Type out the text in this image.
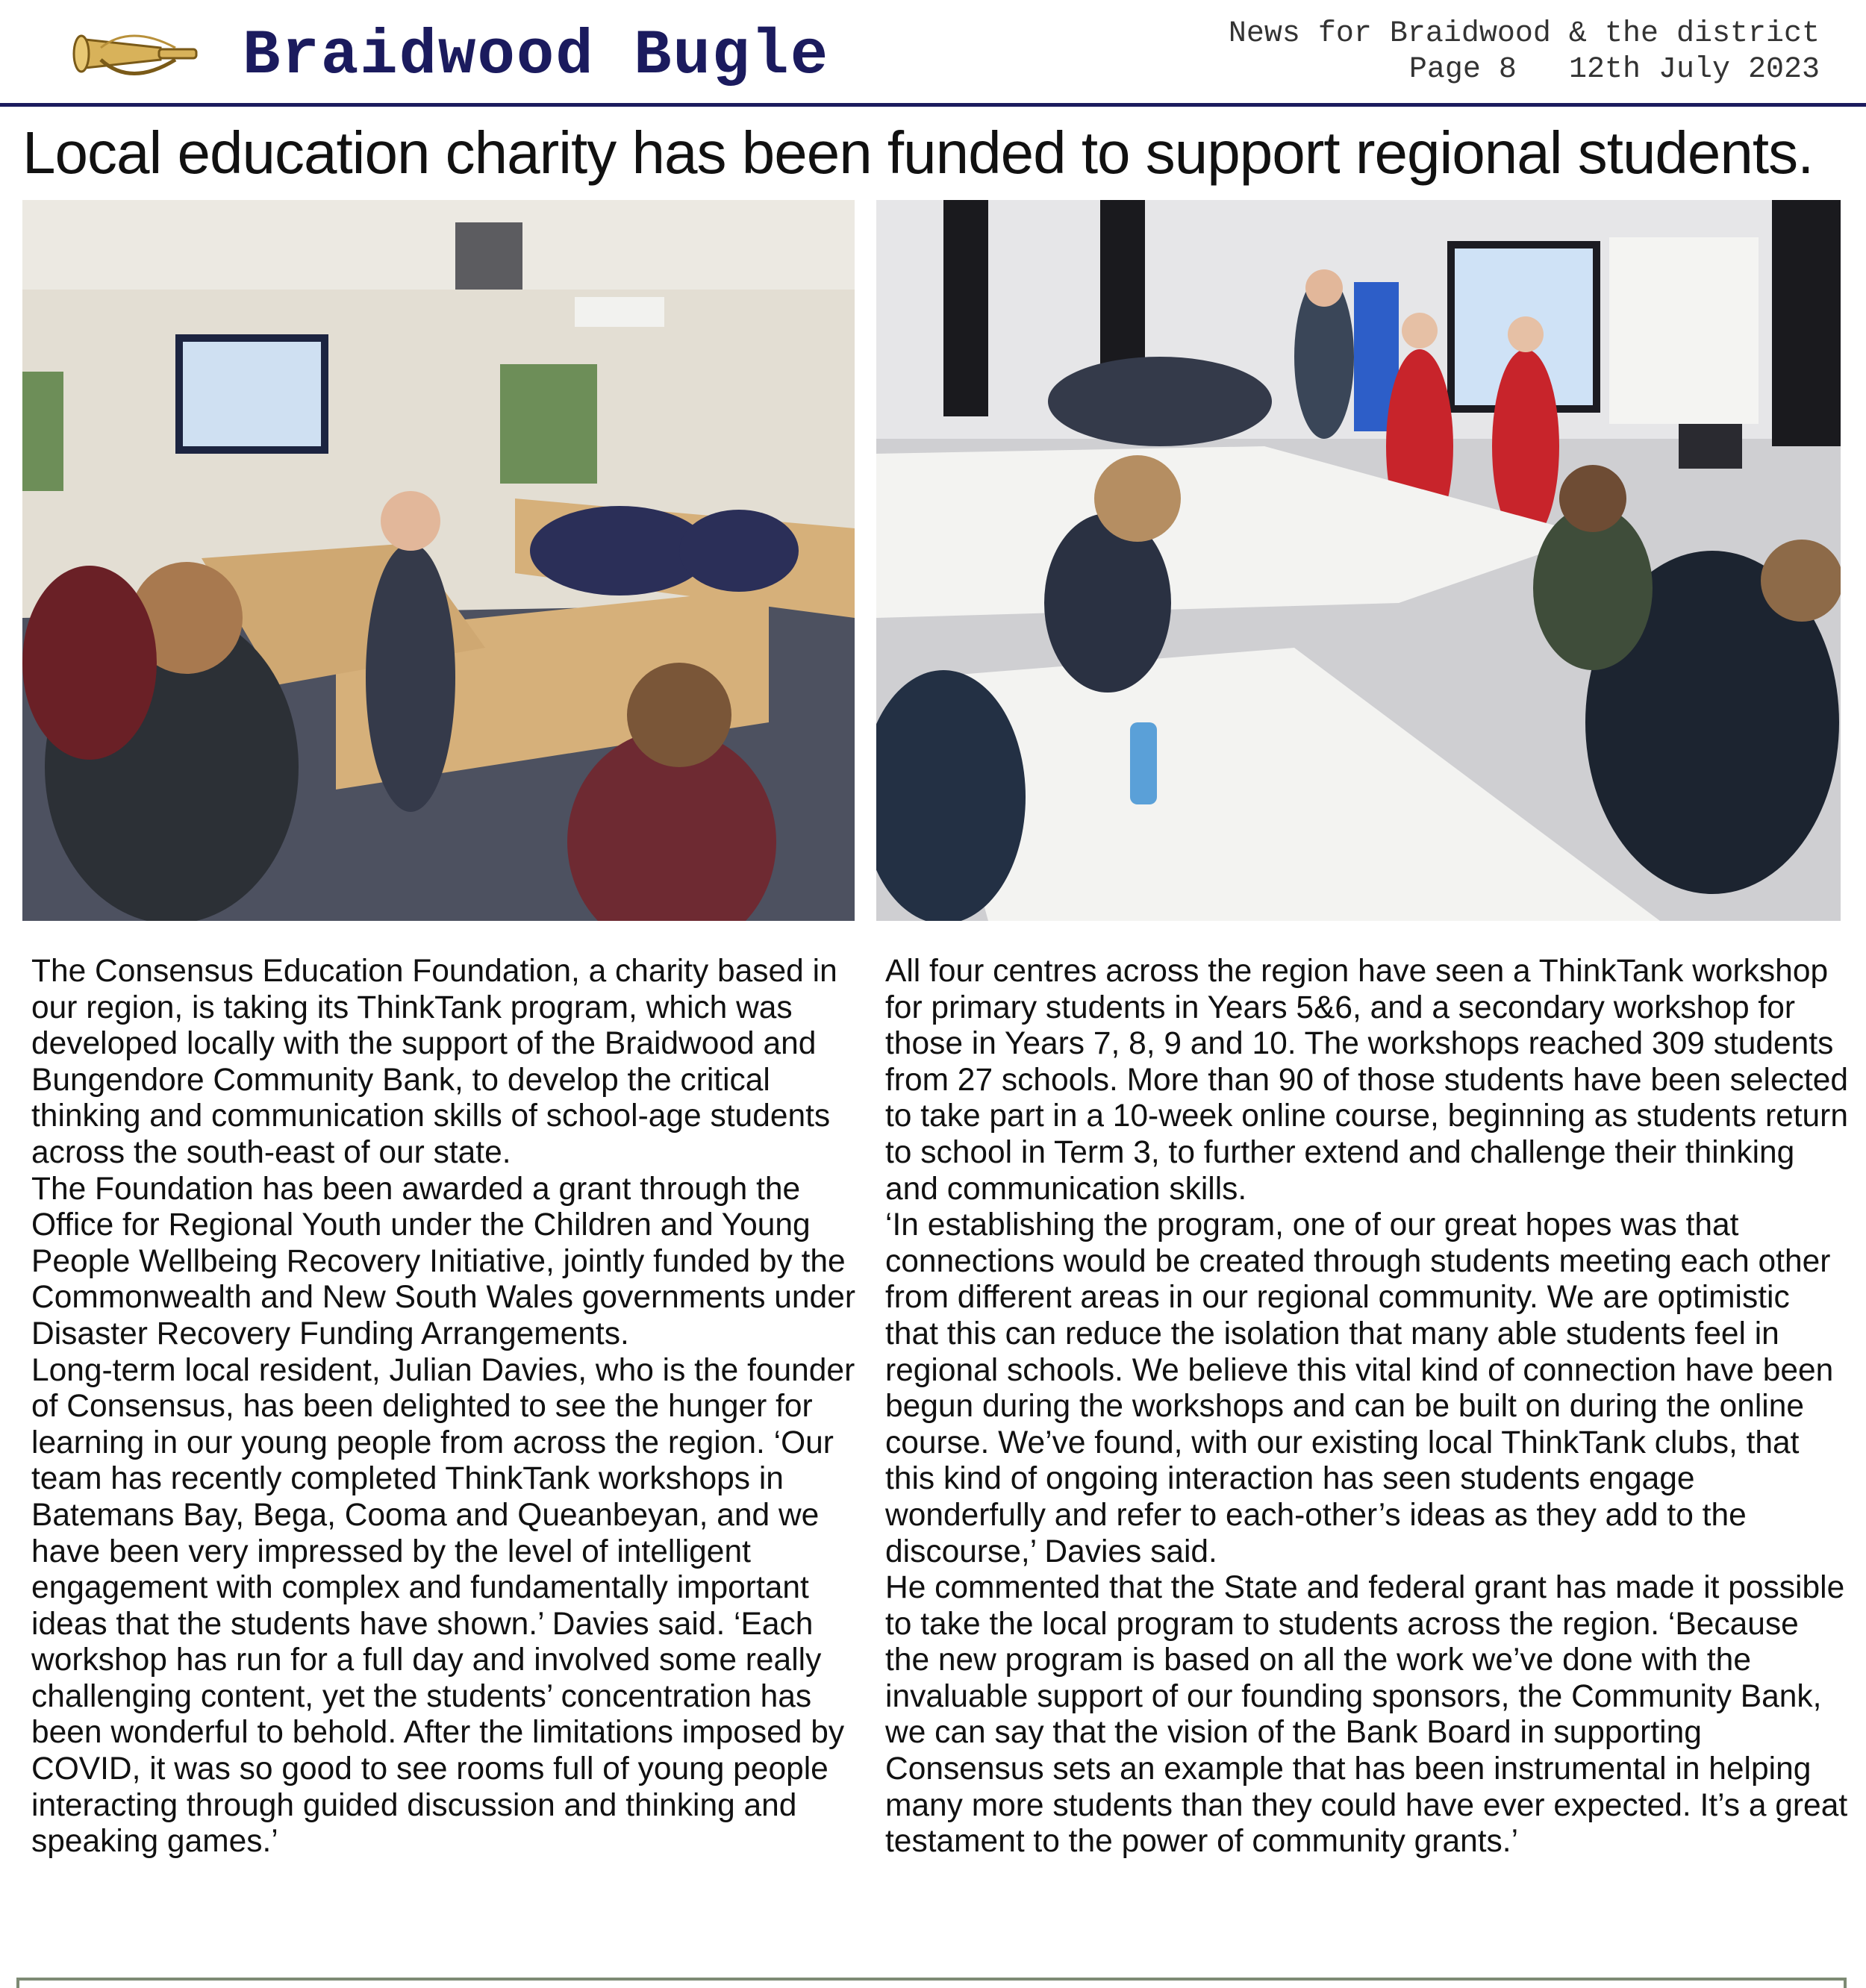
Braidwood Bugle	News for Braidwood & the district
Page 8 12th July 2023
Local education charity has been funded to support regional students.

The Consensus Education Foundation, a charity based in our region, is taking its ThinkTank program, which was developed locally with the support of the Braidwood and Bungendore Community Bank, to develop the critical thinking and communication skills of school-age students across the south-east of our state.

The Foundation has been awarded a grant through the Office for Regional Youth under the Children and Young People Wellbeing Recovery Initiative, jointly funded by the Commonwealth and New South Wales governments under Disaster Recovery Funding Arrangements.

Long-term local resident, Julian Davies, who is the founder of Consensus, has been delighted to see the hunger for learning in our young people from across the region. ‘Our team has recently completed ThinkTank workshops in Batemans Bay, Bega, Cooma and Queanbeyan, and we have been very impressed by the level of intelligent engagement with complex and fundamentally important ideas that the students have shown.’ Davies said. ‘Each workshop has run for a full day and involved some really challenging content, yet the students’ concentration has been wonderful to behold. After the limitations imposed by COVID, it was so good to see rooms full of young people interacting through guided discussion and thinking and speaking games.’

All four centres across the region have seen a ThinkTank workshop for primary students in Years 5&6, and a secondary workshop for those in Years 7, 8, 9 and 10. The workshops reached 309 students from 27 schools. More than 90 of those students have been selected to take part in a 10-week online course, beginning as students return to school in Term 3, to further extend and challenge their thinking and communication skills.

‘In establishing the program, one of our great hopes was that connections would be created through students meeting each other from different areas in our regional community. We are optimistic that this can reduce the isolation that many able students feel in regional schools. We believe this vital kind of connection have been begun during the workshops and can be built on during the online course. We’ve found, with our existing local ThinkTank clubs, that this kind of ongoing interaction has seen students engage wonderfully and refer to each-other’s ideas as they add to the discourse,’ Davies said.

He commented that the State and federal grant has made it possible to take the local program to students across the region. ‘Because the new program is based on all the work we’ve done with the invaluable support of our founding sponsors, the Community Bank, we can say that the vision of the Bank Board in supporting Consensus sets an example that has been instrumental in helping many more students than they could have ever expected. It’s a great testament to the power of community grants.’
